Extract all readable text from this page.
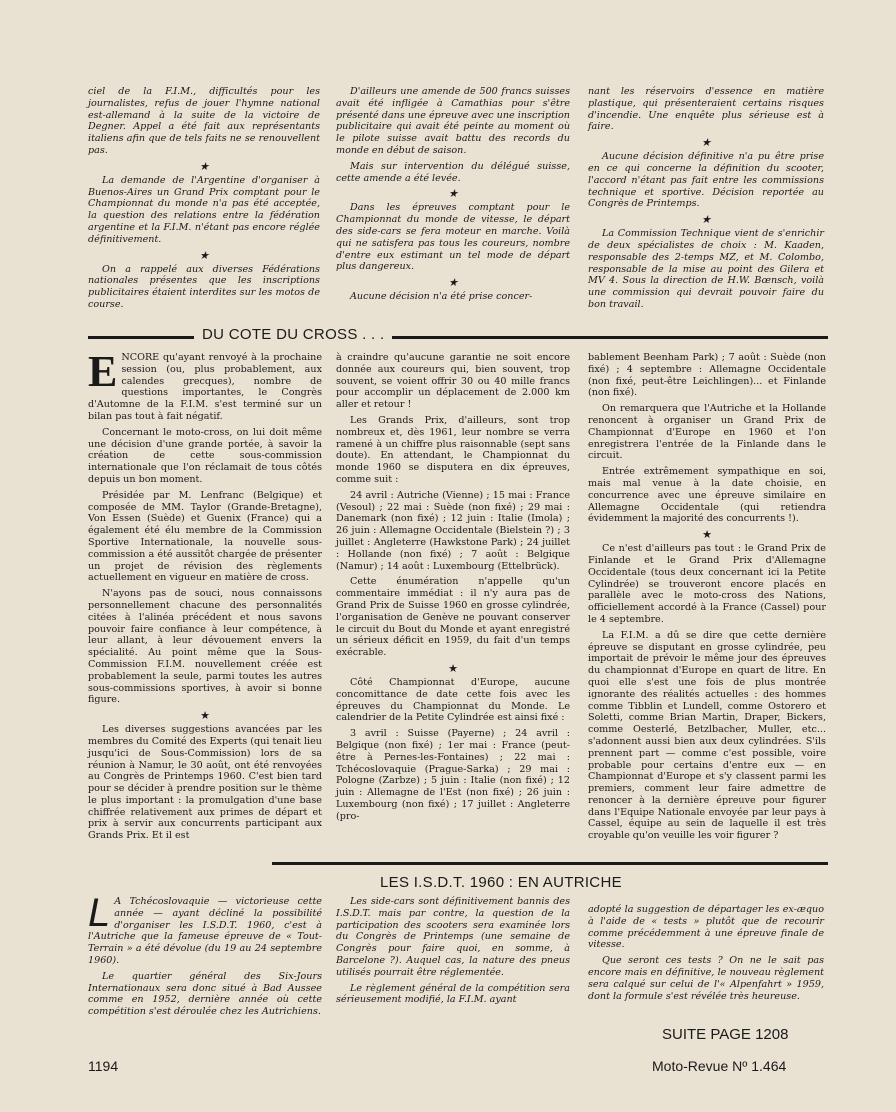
ciel de la F.I.M., difficultés pour les journalistes, refus de jouer l'hymne national est-allemand à la suite de la victoire de Degner. Appel a été fait aux représentants italiens afin que de tels faits ne se renouvellent pas.

★

La demande de l'Argentine d'organiser à Buenos-Aires un Grand Prix comptant pour le Championnat du monde n'a pas été acceptée, la question des relations entre la fédération argentine et la F.I.M. n'étant pas encore réglée définitivement.

★

On a rappelé aux diverses Fédérations nationales présentes que les inscriptions publicitaires étaient interdites sur les motos de course.

D'ailleurs une amende de 500 francs suisses avait été infligée à Camathias pour s'être présenté dans une épreuve avec une inscription publicitaire qui avait été peinte au moment où le pilote suisse avait battu des records du monde en début de saison.

Mais sur intervention du délégué suisse, cette amende a été levée.

★

Dans les épreuves comptant pour le Championnat du monde de vitesse, le départ des side-cars se fera moteur en marche. Voilà qui ne satisfera pas tous les coureurs, nombre d'entre eux estimant un tel mode de départ plus dangereux.

★

Aucune décision n'a été prise concer-

nant les réservoirs d'essence en matière plastique, qui présenteraient certains risques d'incendie. Une enquête plus sérieuse est à faire.

★

Aucune décision définitive n'a pu être prise en ce qui concerne la définition du scooter, l'accord n'étant pas fait entre les commissions technique et sportive. Décision reportée au Congrès de Printemps.

★

La Commission Technique vient de s'enrichir de deux spécialistes de choix : M. Kaaden, responsable des 2-temps MZ, et M. Colombo, responsable de la mise au point des Gilera et MV 4. Sous la direction de H.W. Bœnsch, voilà une commission qui devrait pouvoir faire du bon travail.

DU COTE DU CROSS . . .

ENCORE qu'ayant renvoyé à la prochaine session (ou, plus probablement, aux calendes grecques), nombre de questions importantes, le Congrès d'Automne de la F.I.M. s'est terminé sur un bilan pas tout à fait négatif.

Concernant le moto-cross, on lui doit même une décision d'une grande portée, à savoir la création de cette sous-commission internationale que l'on réclamait de tous côtés depuis un bon moment.

Présidée par M. Lenfranc (Belgique) et composée de MM. Taylor (Grande-Bretagne), Von Essen (Suède) et Guenix (France) qui a également été élu membre de la Commission Sportive Internationale, la nouvelle sous-commission a été aussitôt chargée de présenter un projet de révision des règlements actuellement en vigueur en matière de cross.

N'ayons pas de souci, nous connaissons personnellement chacune des personnalités citées à l'alinéa précédent et nous savons pouvoir faire confiance à leur compétence, à leur allant, à leur dévouement envers la spécialité. Au point même que la Sous-Commission F.I.M. nouvellement créée est probablement la seule, parmi toutes les autres sous-commissions sportives, à avoir si bonne figure.

★

Les diverses suggestions avancées par les membres du Comité des Experts (qui tenait lieu jusqu'ici de Sous-Commission) lors de sa réunion à Namur, le 30 août, ont été renvoyées au Congrès de Printemps 1960. C'est bien tard pour se décider à prendre position sur le thème le plus important : la promulgation d'une base chiffrée relativement aux primes de départ et prix à servir aux concurrents participant aux Grands Prix. Et il est

à craindre qu'aucune garantie ne soit encore donnée aux coureurs qui, bien souvent, trop souvent, se voient offrir 30 ou 40 mille francs pour accomplir un déplacement de 2.000 km aller et retour !

Les Grands Prix, d'ailleurs, sont trop nombreux et, dès 1961, leur nombre se verra ramené à un chiffre plus raisonnable (sept sans doute). En attendant, le Championnat du monde 1960 se disputera en dix épreuves, comme suit :

24 avril : Autriche (Vienne) ; 15 mai : France (Vesoul) ; 22 mai : Suède (non fixé) ; 29 mai : Danemark (non fixé) ; 12 juin : Italie (Imola) ; 26 juin : Allemagne Occidentale (Bielstein ?) ; 3 juillet : Angleterre (Hawkstone Park) ; 24 juillet : Hollande (non fixé) ; 7 août : Belgique (Namur) ; 14 août : Luxembourg (Ettelbrück).

Cette énumération n'appelle qu'un commentaire immédiat : il n'y aura pas de Grand Prix de Suisse 1960 en grosse cylindrée, l'organisation de Genève ne pouvant conserver le circuit du Bout du Monde et ayant enregistré un sérieux déficit en 1959, du fait d'un temps exécrable.

★

Côté Championnat d'Europe, aucune concomittance de date cette fois avec les épreuves du Championnat du Monde. Le calendrier de la Petite Cylindrée est ainsi fixé :

3 avril : Suisse (Payerne) ; 24 avril : Belgique (non fixé) ; 1er mai : France (peut-être à Pernes-les-Fontaines) ; 22 mai : Tchécoslovaquie (Prague-Sarka) ; 29 mai : Pologne (Zarbze) ; 5 juin : Italie (non fixé) ; 12 juin : Allemagne de l'Est (non fixé) ; 26 juin : Luxembourg (non fixé) ; 17 juillet : Angleterre (pro-

bablement Beenham Park) ; 7 août : Suède (non fixé) ; 4 septembre : Allemagne Occidentale (non fixé, peut-être Leichlingen)... et Finlande (non fixé).

On remarquera que l'Autriche et la Hollande renoncent à organiser un Grand Prix de Championnat d'Europe en 1960 et l'on enregistrera l'entrée de la Finlande dans le circuit.

Entrée extrêmement sympathique en soi, mais mal venue à la date choisie, en concurrence avec une épreuve similaire en Allemagne Occidentale (qui retiendra évidemment la majorité des concurrents !).

★

Ce n'est d'ailleurs pas tout : le Grand Prix de Finlande et le Grand Prix d'Allemagne Occidentale (tous deux concernant ici la Petite Cylindrée) se trouveront encore placés en parallèle avec le moto-cross des Nations, officiellement accordé à la France (Cassel) pour le 4 septembre.

La F.I.M. a dû se dire que cette dernière épreuve se disputant en grosse cylindrée, peu importait de prévoir le même jour des épreuves du championnat d'Europe en quart de litre. En quoi elle s'est une fois de plus montrée ignorante des réalités actuelles : des hommes comme Tibblin et Lundell, comme Ostorero et Soletti, comme Brian Martin, Draper, Bickers, comme Oesterlé, Betzlbacher, Muller, etc... s'adonnent aussi bien aux deux cylindrées. S'ils prennent part — comme c'est possible, voire probable pour certains d'entre eux — en Championnat d'Europe et s'y classent parmi les premiers, comment leur faire admettre de renoncer à la dernière épreuve pour figurer dans l'Equipe Nationale envoyée par leur pays à Cassel, équipe au sein de laquelle il est très croyable qu'on veuille les voir figurer ?

LES I.S.D.T. 1960 : EN AUTRICHE

L A Tchécoslovaquie — victorieuse cette année — ayant décliné la possibilité d'organiser les I.S.D.T. 1960, c'est à l'Autriche que la fameuse épreuve de « Tout-Terrain » a été dévolue (du 19 au 24 septembre 1960).

Le quartier général des Six-Jours Internationaux sera donc situé à Bad Aussee comme en 1952, dernière année où cette compétition s'est déroulée chez les Autrichiens.

Les side-cars sont définitivement bannis des I.S.D.T. mais par contre, la question de la participation des scooters sera examinée lors du Congrès de Printemps (une semaine de Congrès pour faire quoi, en somme, à Barcelone ?). Auquel cas, la nature des pneus utilisés pourrait être réglementée.

Le règlement général de la compétition sera sérieusement modifié, la F.I.M. ayant

adopté la suggestion de départager les ex-æquo à l'aide de « tests » plutôt que de recourir comme précédemment à une épreuve finale de vitesse.

Que seront ces tests ? On ne le sait pas encore mais en définitive, le nouveau règlement sera calqué sur celui de l'« Alpenfahrt » 1959, dont la formule s'est révélée très heureuse.

SUITE PAGE 1208
1194	Moto-Revue Nº 1.464
